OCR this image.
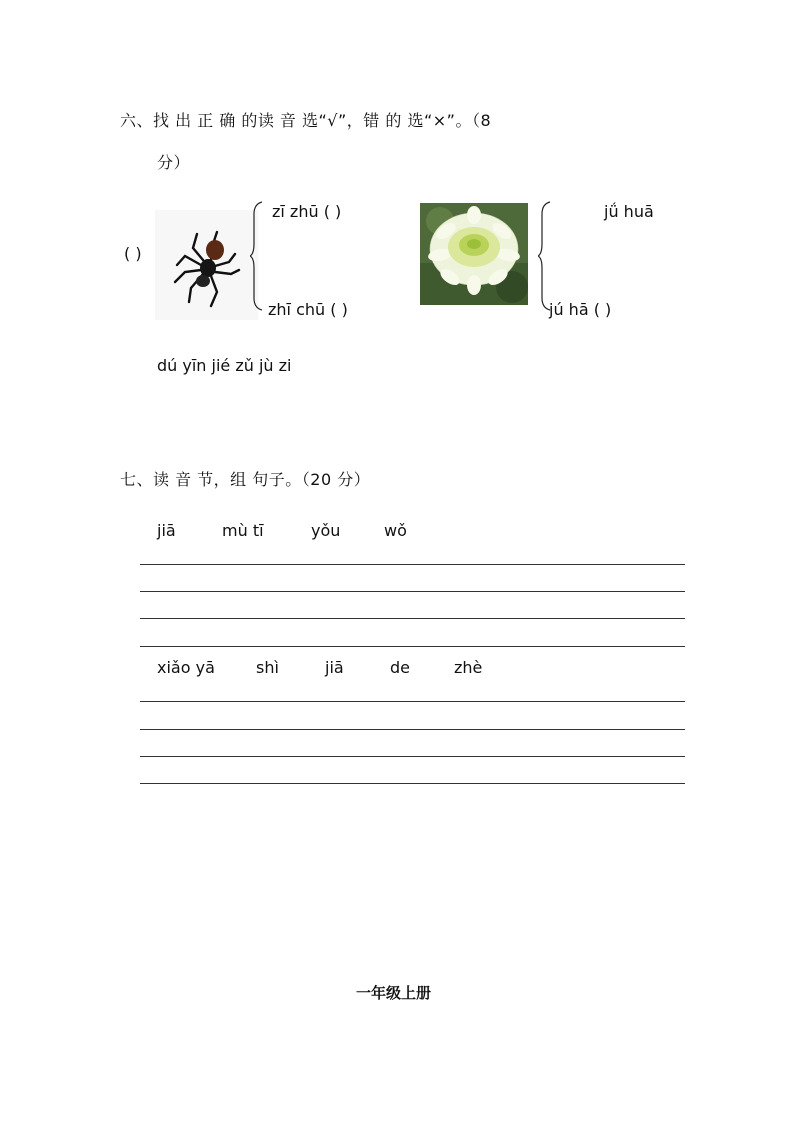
六、找 出 正 确 的读 音 选“√”，错 的 选“×”。（8
分）
( )
zī zhū ( )
zhī chū ( )
jǘ huā
jú hā ( )
dú yīn jié zǔ jù zi
七、读 音 节，组 句子。（20 分）
jiā	mù tī	yǒu	wǒ
xiǎo yā	shì	jiā	de	zhè
一年级上册
